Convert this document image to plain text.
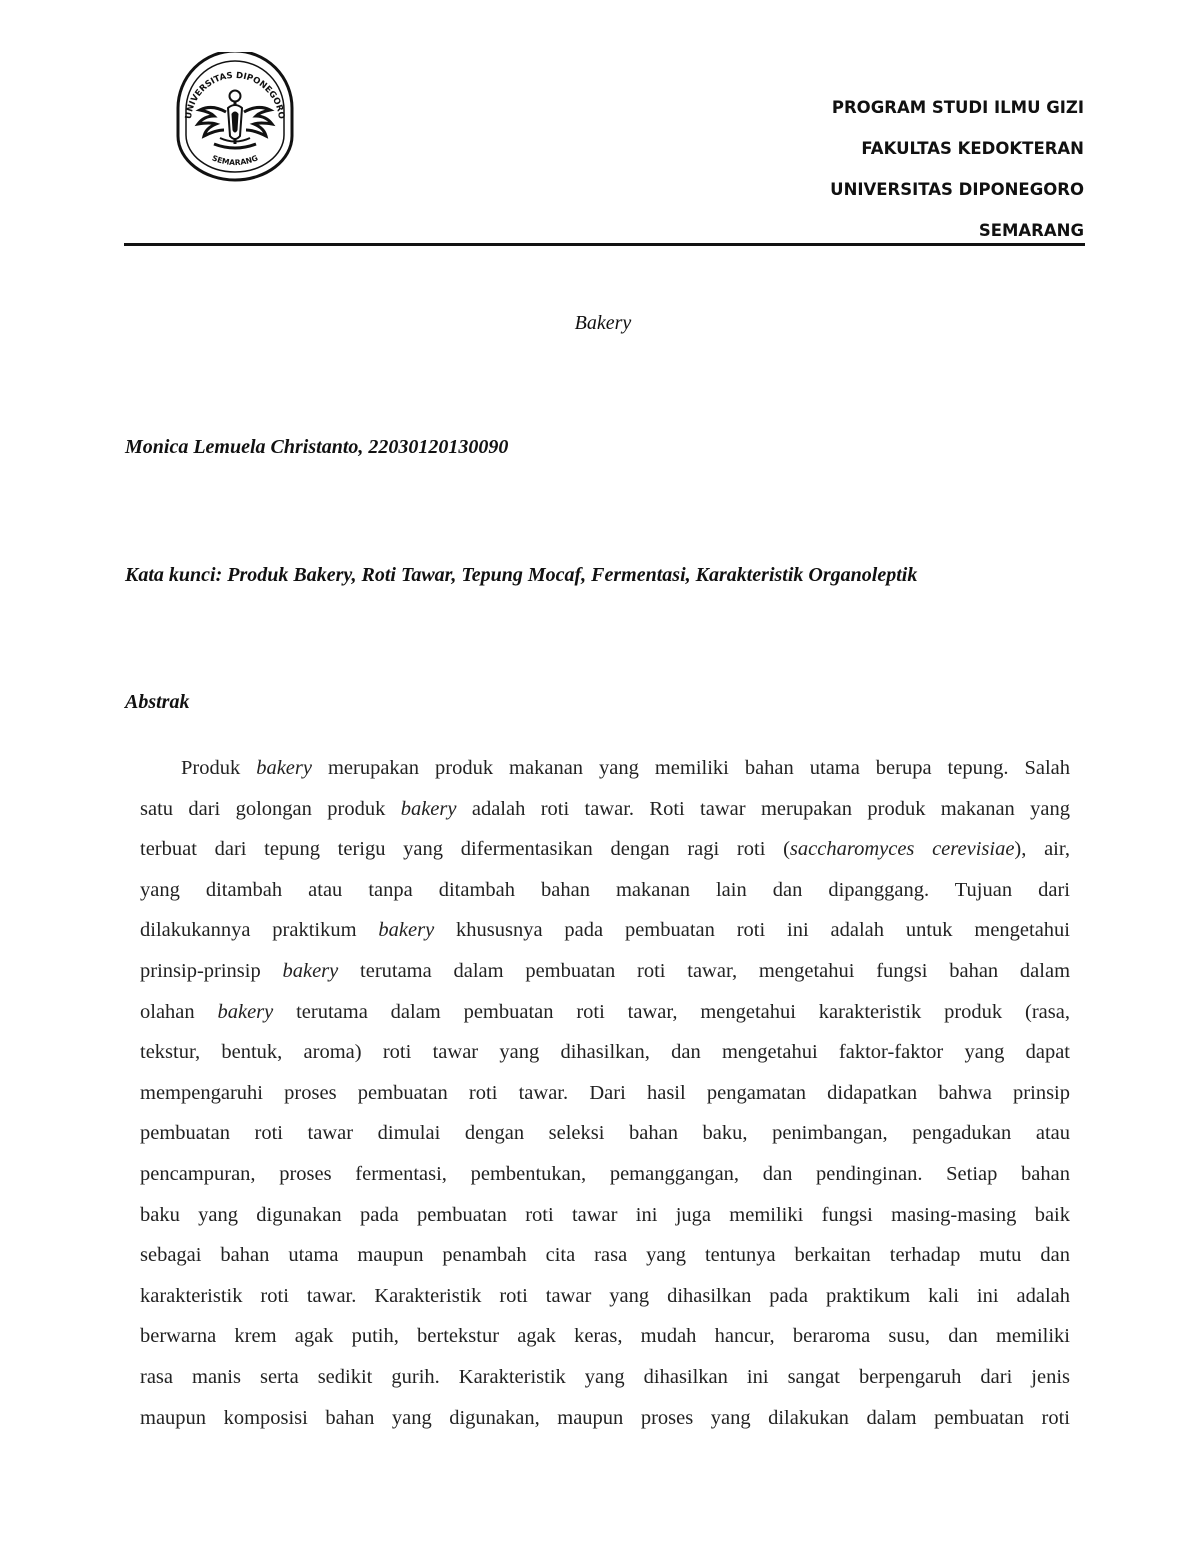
UNIVERSITAS DIPONEGORO
SEMARANG
PROGRAM STUDI ILMU GIZI
FAKULTAS KEDOKTERAN
UNIVERSITAS DIPONEGORO
SEMARANG
Bakery
Monica Lemuela Christanto, 22030120130090
Kata kunci: Produk Bakery, Roti Tawar, Tepung Mocaf, Fermentasi, Karakteristik Organoleptik
Abstrak
Produk bakery merupakan produk makanan yang memiliki bahan utama berupa tepung. Salah
satu dari golongan produk bakery adalah roti tawar. Roti tawar merupakan produk makanan yang
terbuat dari tepung terigu yang difermentasikan dengan ragi roti (saccharomyces cerevisiae), air,
yang ditambah atau tanpa ditambah bahan makanan lain dan dipanggang. Tujuan dari
dilakukannya praktikum bakery khususnya pada pembuatan roti ini adalah untuk mengetahui
prinsip-prinsip bakery terutama dalam pembuatan roti tawar, mengetahui fungsi bahan dalam
olahan bakery terutama dalam pembuatan roti tawar, mengetahui karakteristik produk (rasa,
tekstur, bentuk, aroma) roti tawar yang dihasilkan, dan mengetahui faktor-faktor yang dapat
mempengaruhi proses pembuatan roti tawar. Dari hasil pengamatan didapatkan bahwa prinsip
pembuatan roti tawar dimulai dengan seleksi bahan baku, penimbangan, pengadukan atau
pencampuran, proses fermentasi, pembentukan, pemanggangan, dan pendinginan. Setiap bahan
baku yang digunakan pada pembuatan roti tawar ini juga memiliki fungsi masing-masing baik
sebagai bahan utama maupun penambah cita rasa yang tentunya berkaitan terhadap mutu dan
karakteristik roti tawar. Karakteristik roti tawar yang dihasilkan pada praktikum kali ini adalah
berwarna krem agak putih, bertekstur agak keras, mudah hancur, beraroma susu, dan memiliki
rasa manis serta sedikit gurih. Karakteristik yang dihasilkan ini sangat berpengaruh dari jenis
maupun komposisi bahan yang digunakan, maupun proses yang dilakukan dalam pembuatan roti
